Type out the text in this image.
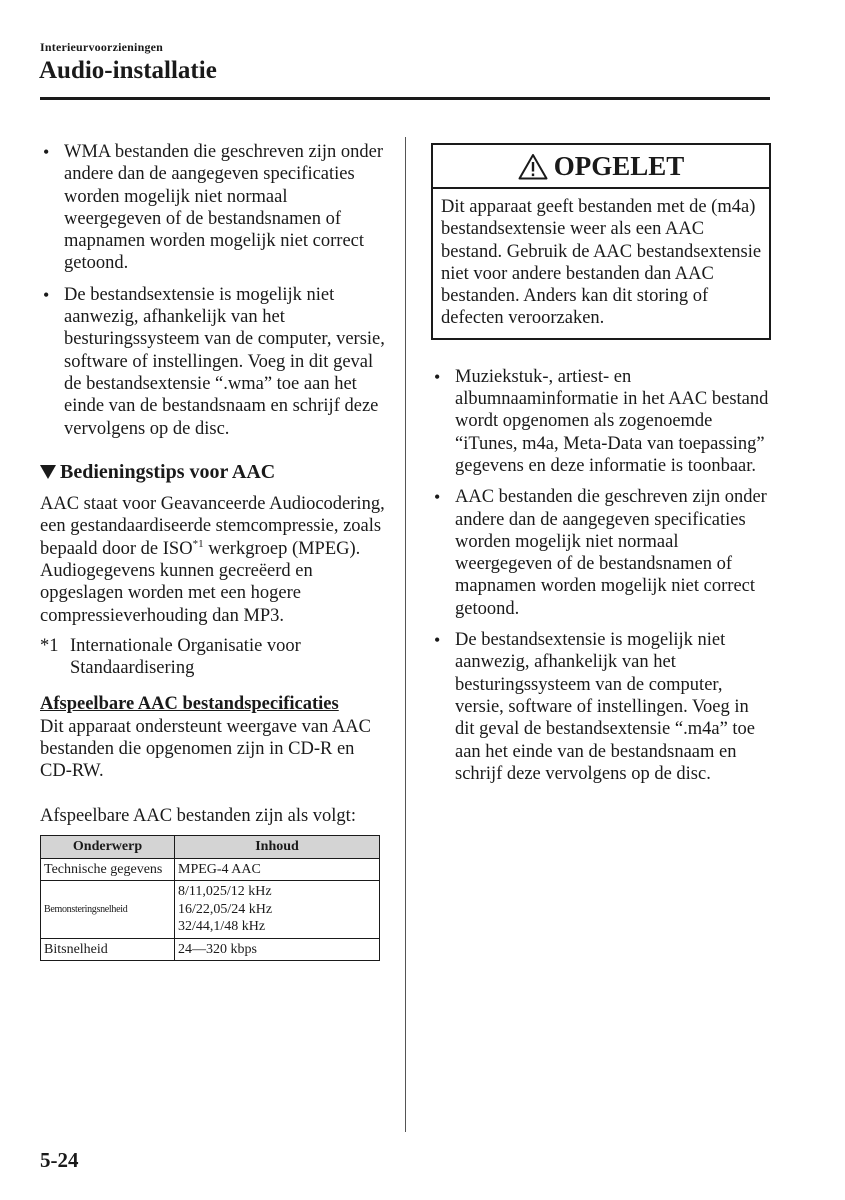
Interieurvoorzieningen
Audio-installatie
• WMA bestanden die geschreven zijn onder andere dan de aangegeven specificaties worden mogelijk niet normaal weergegeven of de bestandsnamen of mapnamen worden mogelijk niet correct getoond.
• De bestandsextensie is mogelijk niet aanwezig, afhankelijk van het besturingssysteem van de computer, versie, software of instellingen. Voeg in dit geval de bestandsextensie “.wma” toe aan het einde van de bestandsnaam en schrijf deze vervolgens op de disc.
Bedieningstips voor AAC

AAC staat voor Geavanceerde Audiocodering, een gestandaardiseerde stemcompressie, zoals bepaald door de ISO$^{*1}$ werkgroep (MPEG). Audiogegevens kunnen gecreëerd en opgeslagen worden met een hogere compressieverhouding dan MP3.

*1 Internationale Organisatie voor Standaardisering
Afspeelbare AAC bestandspecificaties

Dit apparaat ondersteunt weergave van AAC bestanden die opgenomen zijn in CD-R en CD-RW.

Afspeelbare AAC bestanden zijn als volgt:

Onderwerp	Inhoud
Technische gegevens	MPEG-4 AAC
Bemonsteringsnelheid	8/11,025/12 kHz
16/22,05/24 kHz
32/44,1/48 kHz

Bitsnelheid	24—320 kbps
OPGELET
Dit apparaat geeft bestanden met de (m4a) bestandsextensie weer als een AAC bestand. Gebruik de AAC bestandsextensie niet voor andere bestanden dan AAC bestanden. Anders kan dit storing of defecten veroorzaken.
• Muziekstuk-, artiest- en albumnaaminformatie in het AAC bestand wordt opgenomen als zogenoemde “iTunes, m4a, Meta-Data van toepassing” gegevens en deze informatie is toonbaar.
• AAC bestanden die geschreven zijn onder andere dan de aangegeven specificaties worden mogelijk niet normaal weergegeven of de bestandsnamen of mapnamen worden mogelijk niet correct getoond.
• De bestandsextensie is mogelijk niet aanwezig, afhankelijk van het besturingssysteem van de computer, versie, software of instellingen. Voeg in dit geval de bestandsextensie “.m4a” toe aan het einde van de bestandsnaam en schrijf deze vervolgens op de disc.
5-24
